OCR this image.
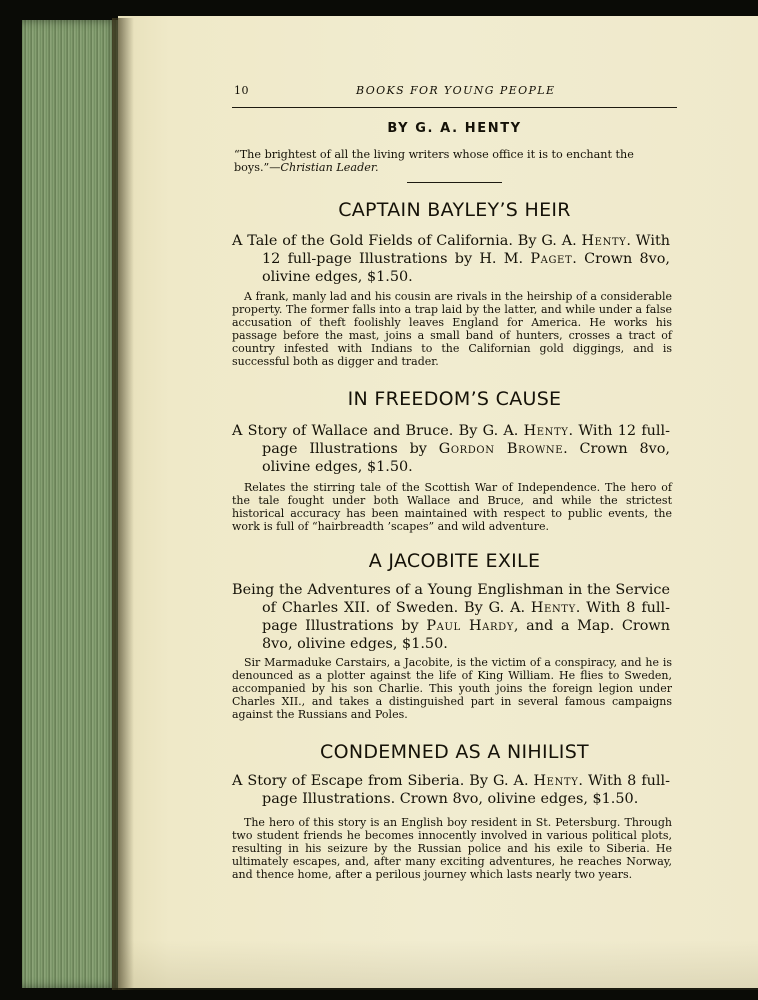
10	BOOKS FOR YOUNG PEOPLE
BY G. A. HENTY
“The brightest of all the living writers whose office it is to enchant the boys.”—Christian Leader.
CAPTAIN BAYLEY’S HEIR
A Tale of the Gold Fields of California. By G. A. Henty. With 12 full-page Illustrations by H. M. Paget. Crown 8vo, olivine edges, $1.50.
A frank, manly lad and his cousin are rivals in the heirship of a considerable property. The former falls into a trap laid by the latter, and while under a false accusation of theft foolishly leaves England for America. He works his passage before the mast, joins a small band of hunters, crosses a tract of country infested with Indians to the Californian gold diggings, and is successful both as digger and trader.
IN FREEDOM’S CAUSE
A Story of Wallace and Bruce. By G. A. Henty. With 12 full-page Illustrations by Gordon Browne. Crown 8vo, olivine edges, $1.50.
Relates the stirring tale of the Scottish War of Independence. The hero of the tale fought under both Wallace and Bruce, and while the strictest historical accuracy has been maintained with respect to public events, the work is full of “hairbreadth ’scapes” and wild adventure.
A JACOBITE EXILE
Being the Adventures of a Young Englishman in the Service of Charles XII. of Sweden. By G. A. Henty. With 8 full-page Illustrations by Paul Hardy, and a Map. Crown 8vo, olivine edges, $1.50.
Sir Marmaduke Carstairs, a Jacobite, is the victim of a conspiracy, and he is denounced as a plotter against the life of King William. He flies to Sweden, accompanied by his son Charlie. This youth joins the foreign legion under Charles XII., and takes a distinguished part in several famous campaigns against the Russians and Poles.
CONDEMNED AS A NIHILIST
A Story of Escape from Siberia. By G. A. Henty. With 8 full-page Illustrations. Crown 8vo, olivine edges, $1.50.
The hero of this story is an English boy resident in St. Petersburg. Through two student friends he becomes innocently involved in various political plots, resulting in his seizure by the Russian police and his exile to Siberia. He ultimately escapes, and, after many exciting adventures, he reaches Norway, and thence home, after a perilous journey which lasts nearly two years.
